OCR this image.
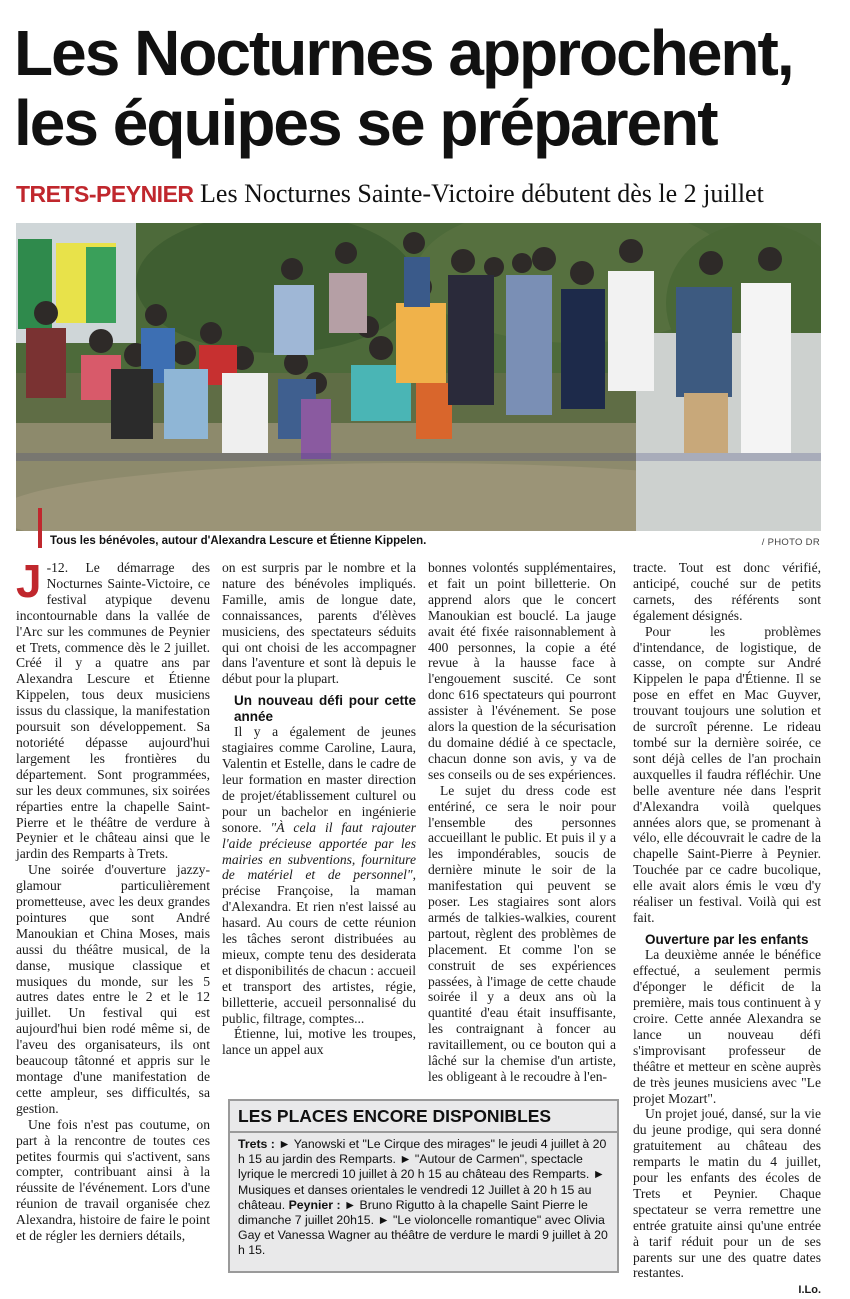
Les Nocturnes approchent,
les équipes se préparent
TRETS-PEYNIER Les Nocturnes Sainte-Victoire débutent dès le 2 juillet
Tous les bénévoles, autour d'Alexandra Lescure et Étienne Kippelen.	/ PHOTO DR

J -12. Le démarrage des Nocturnes Sainte-Victoire, ce festival atypique devenu incontournable dans la vallée de l'Arc sur les communes de Peynier et Trets, commence dès le 2 juillet. Créé il y a quatre ans par Alexandra Lescure et Étienne Kippelen, tous deux musiciens issus du classique, la manifestation poursuit son développement. Sa notoriété dépasse aujourd'hui largement les frontières du département. Sont programmées, sur les deux communes, six soirées réparties entre la chapelle Saint-Pierre et le théâtre de verdure à Peynier et le château ainsi que le jardin des Remparts à Trets.

Une soirée d'ouverture jazzy-glamour particulièrement prometteuse, avec les deux grandes pointures que sont André Manoukian et China Moses, mais aussi du théâtre musical, de la danse, musique classique et musiques du monde, sur les 5 autres dates entre le 2 et le 12 juillet. Un festival qui est aujourd'hui bien rodé même si, de l'aveu des organisateurs, ils ont beaucoup tâtonné et appris sur le montage d'une manifestation de cette ampleur, ses difficultés, sa gestion.

Une fois n'est pas coutume, on part à la rencontre de toutes ces petites fourmis qui s'activent, sans compter, contribuant ainsi à la réussite de l'événement. Lors d'une réunion de travail organisée chez Alexandra, histoire de faire le point et de régler les derniers détails,

on est surpris par le nombre et la nature des bénévoles impliqués. Famille, amis de longue date, connaissances, parents d'élèves musiciens, des spectateurs séduits qui ont choisi de les accompagner dans l'aventure et sont là depuis le début pour la plupart.

Un nouveau défi pour cette année

Il y a également de jeunes stagiaires comme Caroline, Laura, Valentin et Estelle, dans le cadre de leur formation en master direction de projet/établissement culturel ou pour un bachelor en ingénierie sonore. "À cela il faut rajouter l'aide précieuse apportée par les mairies en subventions, fourniture de matériel et de personnel", précise Françoise, la maman d'Alexandra. Et rien n'est laissé au hasard. Au cours de cette réunion les tâches seront distribuées au mieux, compte tenu des desiderata et disponibilités de chacun : accueil et transport des artistes, régie, billetterie, accueil personnalisé du public, filtrage, comptes...

Étienne, lui, motive les troupes, lance un appel aux

bonnes volontés supplémentaires, et fait un point billetterie. On apprend alors que le concert Manoukian est bouclé. La jauge avait été fixée raisonnablement à 400 personnes, la copie a été revue à la hausse face à l'engouement suscité. Ce sont donc 616 spectateurs qui pourront assister à l'événement. Se pose alors la question de la sécurisation du domaine dédié à ce spectacle, chacun donne son avis, y va de ses conseils ou de ses expériences.

Le sujet du dress code est entériné, ce sera le noir pour l'ensemble des personnes accueillant le public. Et puis il y a les impondérables, soucis de dernière minute le soir de la manifestation qui peuvent se poser. Les stagiaires sont alors armés de talkies-walkies, courent partout, règlent des problèmes de placement. Et comme l'on se construit de ses expériences passées, à l'image de cette chaude soirée il y a deux ans où la quantité d'eau était insuffisante, les contraignant à foncer au ravitaillement, ou ce bouton qui a lâché sur la chemise d'un artiste, les obligeant à le recoudre à l'en-

tracte. Tout est donc vérifié, anticipé, couché sur de petits carnets, des référents sont également désignés.

Pour les problèmes d'intendance, de logistique, de casse, on compte sur André Kippelen le papa d'Étienne. Il se pose en effet en Mac Guyver, trouvant toujours une solution et de surcroît pérenne. Le rideau tombé sur la dernière soirée, ce sont déjà celles de l'an prochain auxquelles il faudra réfléchir. Une belle aventure née dans l'esprit d'Alexandra voilà quelques années alors que, se promenant à vélo, elle découvrait le cadre de la chapelle Saint-Pierre à Peynier. Touchée par ce cadre bucolique, elle avait alors émis le vœu d'y réaliser un festival. Voilà qui est fait.

Ouverture par les enfants

La deuxième année le bénéfice effectué, a seulement permis d'éponger le déficit de la première, mais tous continuent à y croire. Cette année Alexandra se lance un nouveau défi s'improvisant professeur de théâtre et metteur en scène auprès de très jeunes musiciens avec "Le projet Mozart".

Un projet joué, dansé, sur la vie du jeune prodige, qui sera donné gratuitement au château des remparts le matin du 4 juillet, pour les enfants des écoles de Trets et Peynier. Chaque spectateur se verra remettre une entrée gratuite ainsi qu'une entrée à tarif réduit pour un de ses parents sur une des quatre dates restantes.

I.Lo.
LES PLACES ENCORE DISPONIBLES
Trets : ► Yanowski et "Le Cirque des mirages" le jeudi 4 juillet à 20 h 15 au jardin des Remparts. ► "Autour de Carmen", spectacle lyrique le mercredi 10 juillet à 20 h 15 au château des Remparts. ► Musiques et danses orientales le vendredi 12 Juillet à 20 h 15 au château. Peynier : ► Bruno Rigutto à la chapelle Saint Pierre le dimanche 7 juillet 20h15. ► "Le violoncelle romantique" avec Olivia Gay et Vanessa Wagner au théâtre de verdure le mardi 9 juillet à 20 h 15.
